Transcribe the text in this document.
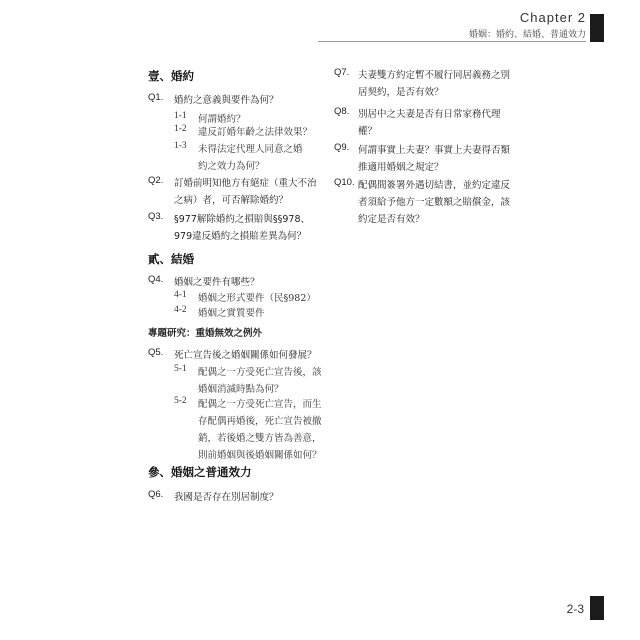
Chapter 2
婚姻：婚約、結婚、普通效力
壹、婚約
Q1. 婚約之意義與要件為何？
1-1 何謂婚約？
1-2 違反訂婚年齡之法律效果？
1-3 未得法定代理人同意之婚約之效力為何？
Q2. 訂婚前明知他方有絕症（重大不治之病）者，可否解除婚約？
Q3. §977解除婚約之損賠與§§978、979違反婚約之損賠差異為何？
貳、結婚
Q4. 婚姻之要件有哪些？
4-1 婚姻之形式要件（民§982）
4-2 婚姻之實質要件
專題研究：重婚無效之例外
Q5. 死亡宣告後之婚姻關係如何發展？
5-1 配偶之一方受死亡宣告後，該婚姻消滅時點為何？
5-2 配偶之一方受死亡宣告，而生存配偶再婚後，死亡宣告被撤銷，若後婚之雙方皆為善意，則前婚姻與後婚姻關係如何？
參、婚姻之普通效力
Q6. 我國是否存在別居制度？
Q7. 夫妻雙方約定暫不履行同居義務之別居契約，是否有效？
Q8. 別居中之夫妻是否有日常家務代理權？
Q9. 何謂事實上夫妻？事實上夫妻得否類推適用婚姻之規定？
Q10. 配偶間簽署外遇切結書，並約定違反者須給予他方一定數額之賠償金，該約定是否有效？
2-3
